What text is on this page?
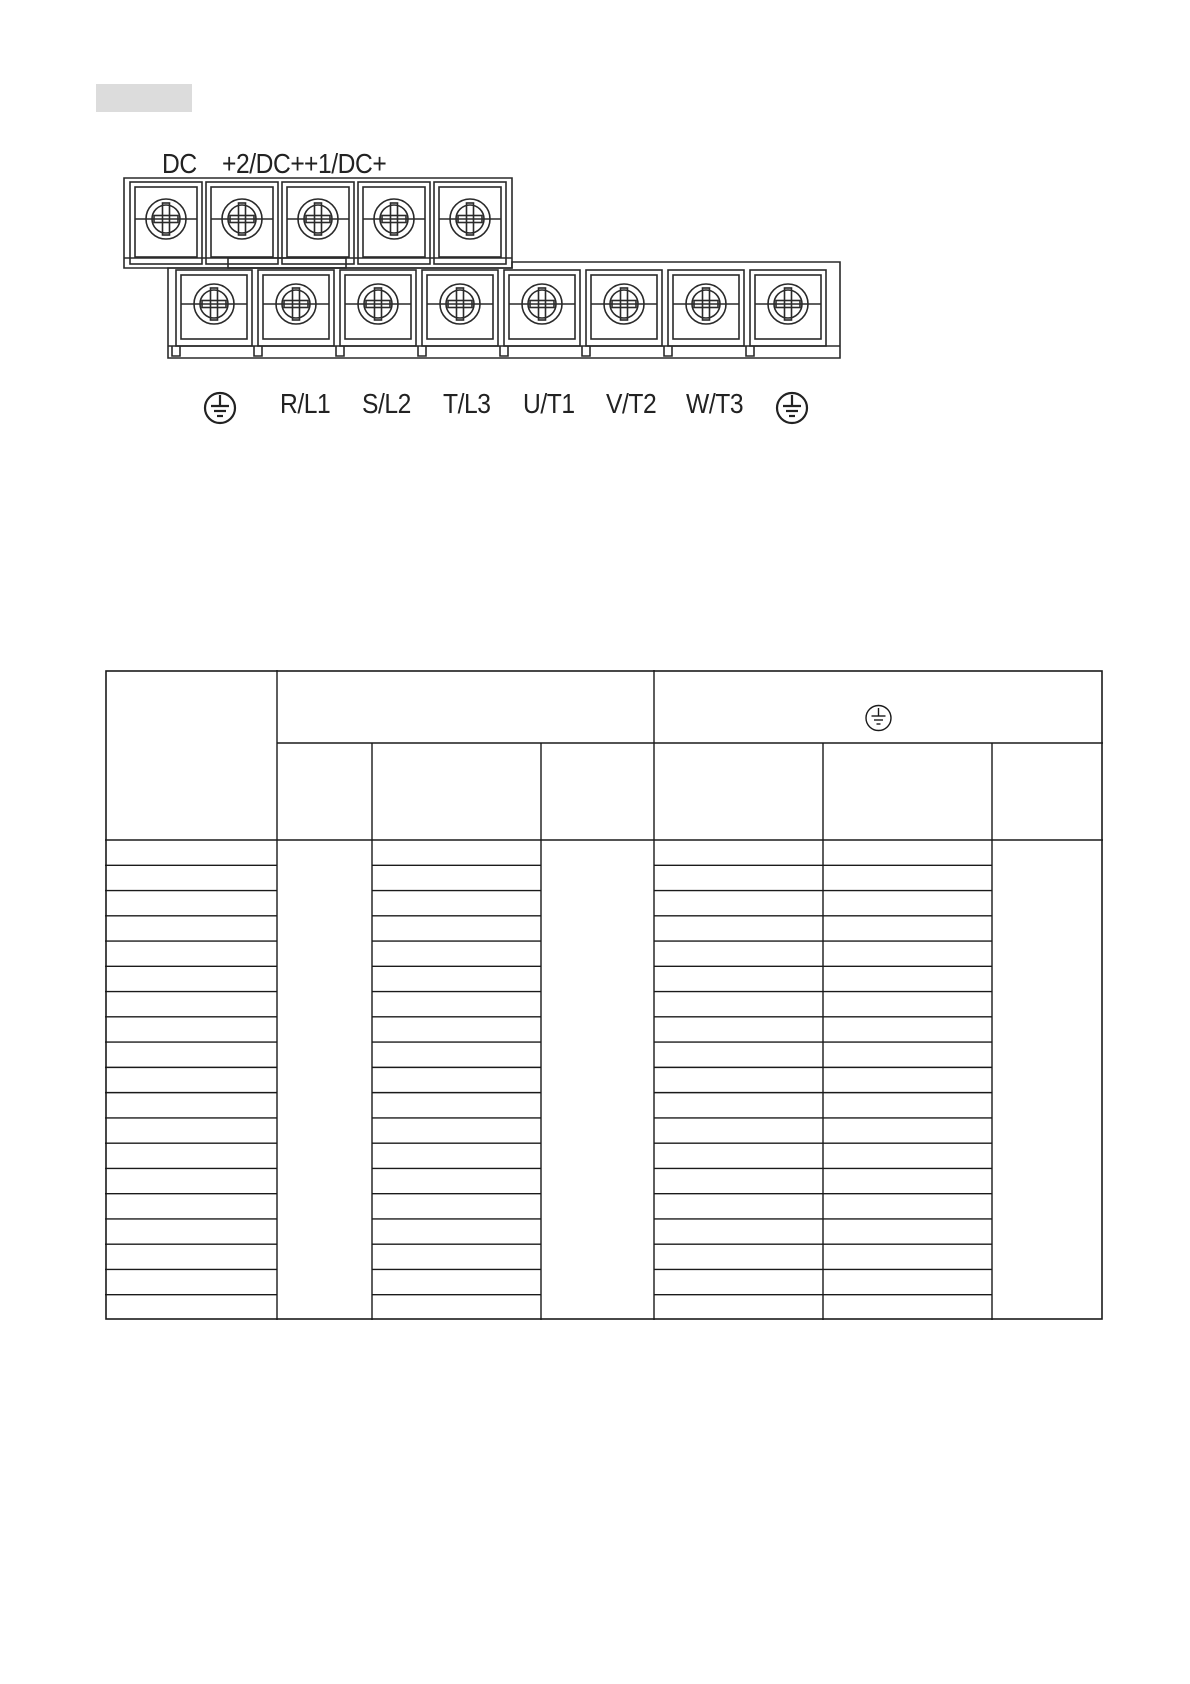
DC +2/DC+ +1/DC+
R/L1 S/L2 T/L3 U/T1 V/T2 W/T3
